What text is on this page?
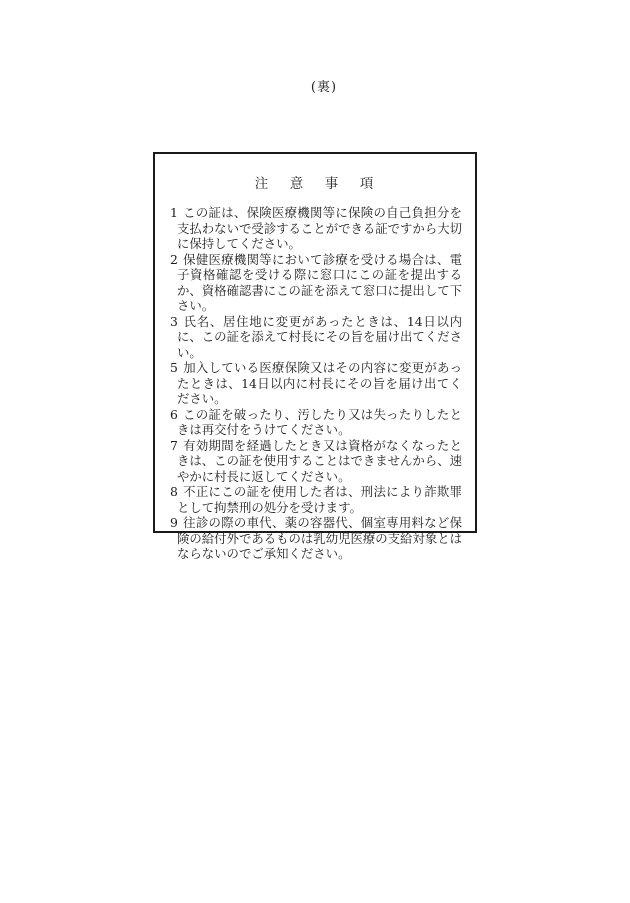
(裏)
注　意　事　項
1 この証は、保険医療機関等に保険の自己負担分を支払わないで受診することができる証ですから大切に保持してください。
2 保健医療機関等において診療を受ける場合は、電子資格確認を受ける際に窓口にこの証を提出するか、資格確認書にこの証を添えて窓口に提出して下さい。
3 氏名、居住地に変更があったときは、14日以内に、この証を添えて村長にその旨を届け出てください。
5 加入している医療保険又はその内容に変更があったときは、14日以内に村長にその旨を届け出てください。
6 この証を破ったり、汚したり又は失ったりしたときは再交付をうけてください。
7 有効期間を経過したとき又は資格がなくなったときは、この証を使用することはできませんから、速やかに村長に返してください。
8 不正にこの証を使用した者は、刑法により詐欺罪として拘禁刑の処分を受けます。
9 往診の際の車代、薬の容器代、個室専用料など保険の給付外であるものは乳幼児医療の支給対象とはならないのでご承知ください。
